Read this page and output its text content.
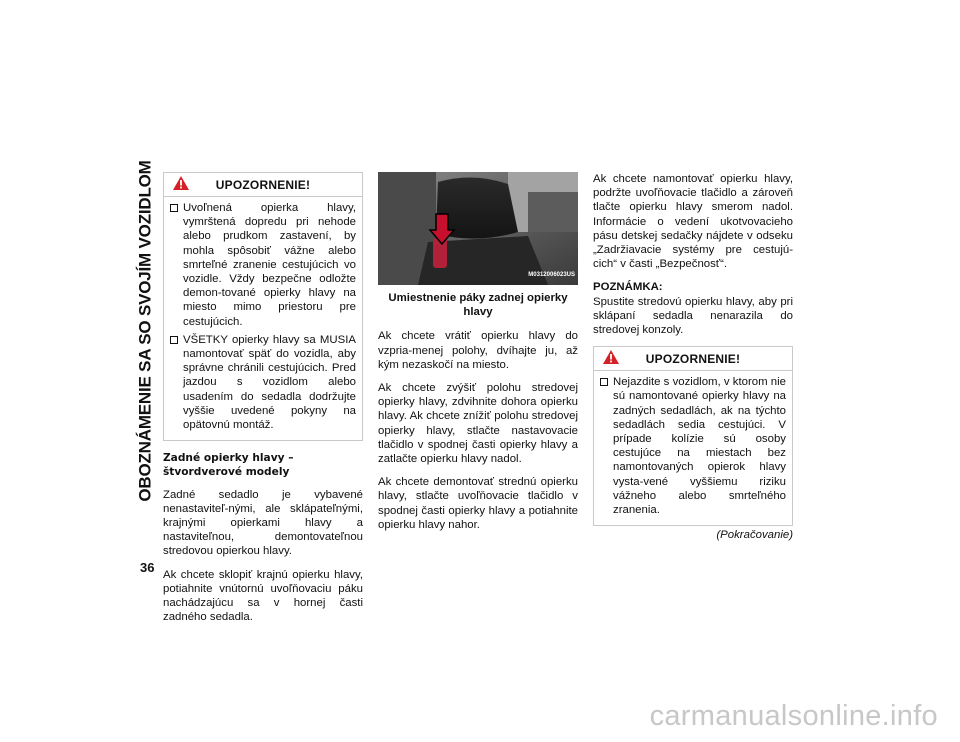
OBOZNÁMENIE SA SO SVOJÍM VOZIDLOM
36
UPOZORNENIE!
Uvoľnená opierka hlavy, vymrštená dopredu pri nehode alebo prudkom zastavení, by mohla spôsobiť vážne alebo smrteľné zranenie cestujúcich vo vozidle. Vždy bezpečne odložte demon-tované opierky hlavy na miesto mimo priestoru pre cestujúcich.
VŠETKY opierky hlavy sa MUSIA namontovať späť do vozidla, aby správne chránili cestujúcich. Pred jazdou s vozidlom alebo usadením do sedadla dodržujte vyššie uvedené pokyny na opätovnú montáž.
Zadné opierky hlavy – štvordverové modely

Zadné sedadlo je vybavené nenastaviteľ-nými, ale sklápateľnými, krajnými opierkami hlavy a nastaviteľnou, demontovateľnou stredovou opierkou hlavy.

Ak chcete sklopiť krajnú opierku hlavy, potiahnite vnútornú uvoľňovaciu páku nachádzajúcu sa v hornej časti zadného sedadla.

M0312006023US
Umiestnenie páky zadnej opierky hlavy

Ak chcete vrátiť opierku hlavy do vzpria-menej polohy, dvíhajte ju, až kým nezaskočí na miesto.

Ak chcete zvýšiť polohu stredovej opierky hlavy, zdvihnite dohora opierku hlavy. Ak chcete znížiť polohu stredovej opierky hlavy, stlačte nastavovacie tlačidlo v spodnej časti opierky hlavy a zatlačte opierku hlavy nadol.

Ak chcete demontovať strednú opierku hlavy, stlačte uvoľňovacie tlačidlo v spodnej časti opierky hlavy a potiahnite opierku hlavy nahor.

Ak chcete namontovať opierku hlavy, podržte uvoľňovacie tlačidlo a zároveň tlačte opierku hlavy smerom nadol. Informácie o vedení ukotvovacieho pásu detskej sedačky nájdete v odseku „Zadržiavacie systémy pre cestujú-cich“ v časti „Bezpečnosť“.

POZNÁMKA:

Spustite stredovú opierku hlavy, aby pri sklápaní sedadla nenarazila do stredovej konzoly.

UPOZORNENIE!
Nejazdite s vozidlom, v ktorom nie sú namontované opierky hlavy na zadných sedadlách, ak na týchto sedadlách sedia cestujúci. V prípade kolízie sú osoby cestujúce na miestach bez namontovaných opierok hlavy vysta-vené vyššiemu riziku vážneho alebo smrteľného zranenia.
(Pokračovanie)
carmanualsonline.info
